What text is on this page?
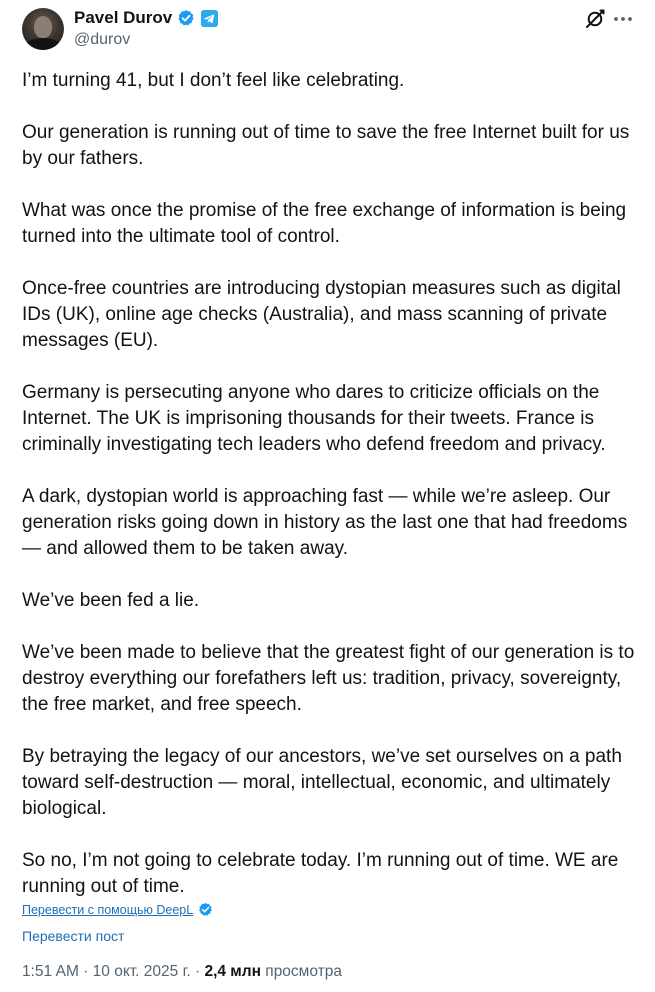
Pavel Durov
@durov

I’m turning 41, but I don’t feel like celebrating.

Our generation is running out of time to save the free Internet built for us by our fathers.

What was once the promise of the free exchange of information is being turned into the ultimate tool of control.

Once-free countries are introducing dystopian measures such as digital IDs (UK), online age checks (Australia), and mass scanning of private messages (EU).

Germany is persecuting anyone who dares to criticize officials on the Internet. The UK is imprisoning thousands for their tweets. France is criminally investigating tech leaders who defend freedom and privacy.

A dark, dystopian world is approaching fast — while we’re asleep. Our generation risks going down in history as the last one that had freedoms — and allowed them to be taken away.

We’ve been fed a lie.

We’ve been made to believe that the greatest fight of our generation is to destroy everything our forefathers left us: tradition, privacy, sovereignty, the free market, and free speech.

By betraying the legacy of our ancestors, we’ve set ourselves on a path toward self-destruction — moral, intellectual, economic, and ultimately biological.

So no, I’m not going to celebrate today. I’m running out of time. WE are running out of time.

Перевести с помощью DeepL
Перевести пост
1:51 AM · 10 окт. 2025 г. · 2,4 млн просмотра
